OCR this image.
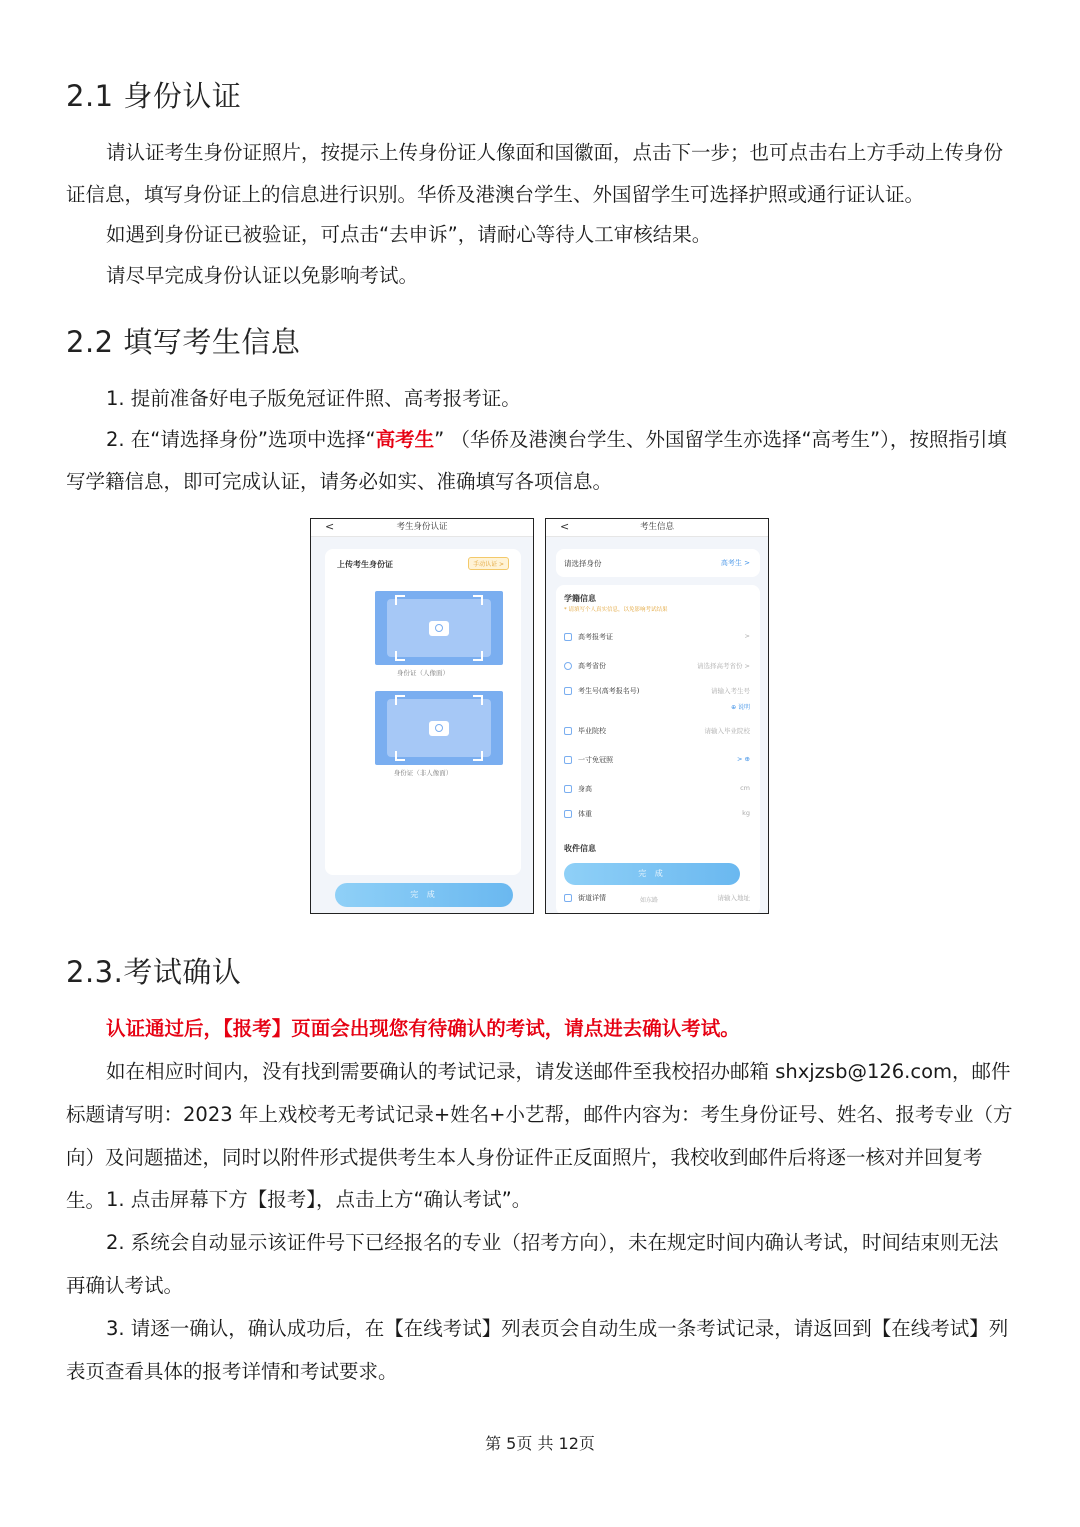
2.1 身份认证

请认证考生身份证照片，按提示上传身份证人像面和国徽面，点击下一步；也可点击右上方手动上传身份证信息，填写身份证上的信息进行识别。华侨及港澳台学生、外国留学生可选择护照或通行证认证。

如遇到身份证已被验证，可点击“去申诉”，请耐心等待人工审核结果。

请尽早完成身份认证以免影响考试。

2.2 填写考生信息

1. 提前准备好电子版免冠证件照、高考报考证。

2. 在“请选择身份”选项中选择“高考生” （华侨及港澳台学生、外国留学生亦选择“高考生”），按照指引填写学籍信息，即可完成认证，请务必如实、准确填写各项信息。

<	考生身份认证
上传考生身份证	手动认证 >
身份证（人像面）
身份证（非人像面）
完 成
<	考生信息
请选择身份	高考生 >
学籍信息
* 请填写个人真实信息，以免影响考试结果
高考报考证	>
高考省份	请选择高考省份 >
考生号(高考报名号)	请输入考生号
⊕ 说明
毕业院校	请输入毕业院校
一寸免冠照	> ⊕
身高	cm
体重	kg
收件信息
完 成
街道详情	如东路	请输入地址
2.3.考试确认

认证通过后，【报考】页面会出现您有待确认的考试，请点进去确认考试。

如在相应时间内，没有找到需要确认的考试记录，请发送邮件至我校招办邮箱 shxjzsb@126.com，邮件标题请写明：2023 年上戏校考无考试记录+姓名+小艺帮，邮件内容为：考生身份证号、姓名、报考专业（方向）及问题描述，同时以附件形式提供考生本人身份证件正反面照片，我校收到邮件后将逐一核对并回复考生。 1. 点击屏幕下方【报考】，点击上方“确认考试”。

2. 系统会自动显示该证件号下已经报名的专业（招考方向），未在规定时间内确认考试，时间结束则无法再确认考试。

3. 请逐一确认，确认成功后，在【在线考试】列表页会自动生成一条考试记录，请返回到【在线考试】列表页查看具体的报考详情和考试要求。

第 5页 共 12页
